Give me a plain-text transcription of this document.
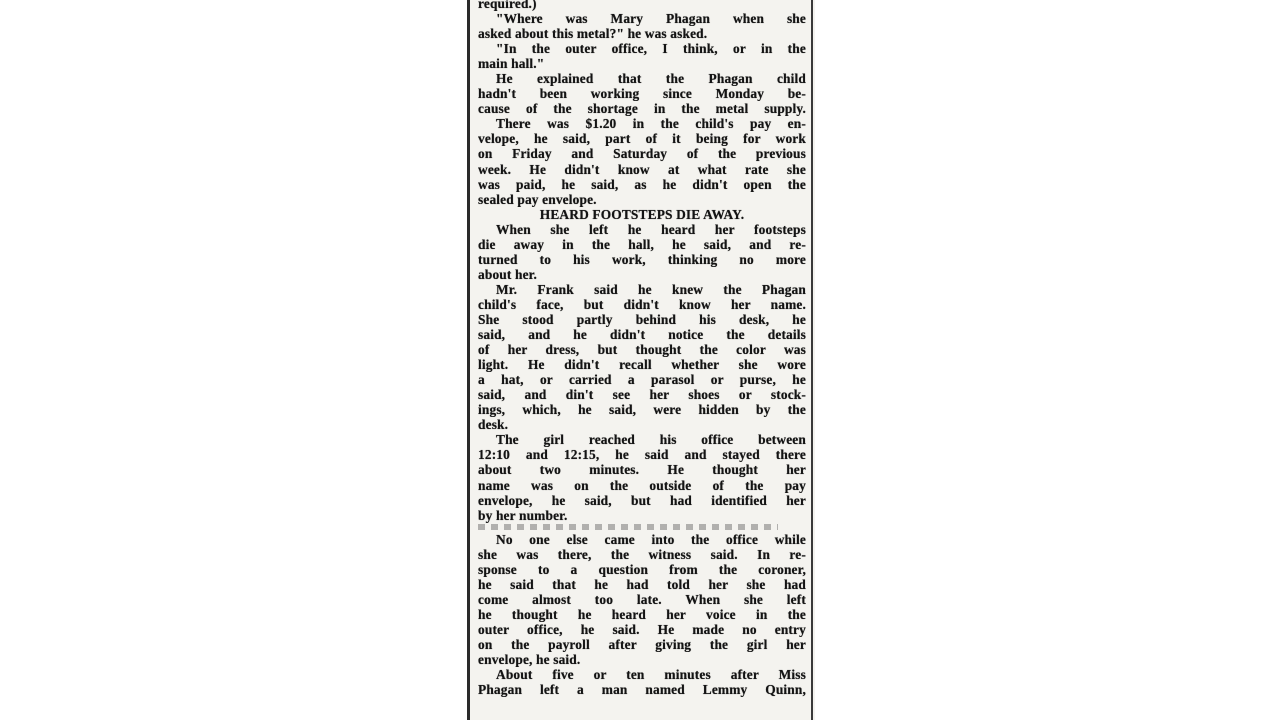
required.)
"Where was Mary Phagan when she
asked about this metal?" he was asked.
"In the outer office, I think, or in the
main hall."
He explained that the Phagan child
hadn't been working since Monday be-
cause of the shortage in the metal supply.
There was $1.20 in the child's pay en-
velope, he said, part of it being for work
on Friday and Saturday of the previous
week. He didn't know at what rate she
was paid, he said, as he didn't open the
sealed pay envelope.
HEARD FOOTSTEPS DIE AWAY.
When she left he heard her footsteps
die away in the hall, he said, and re-
turned to his work, thinking no more
about her.
Mr. Frank said he knew the Phagan
child's face, but didn't know her name.
She stood partly behind his desk, he
said, and he didn't notice the details
of her dress, but thought the color was
light. He didn't recall whether she wore
a hat, or carried a parasol or purse, he
said, and din't see her shoes or stock-
ings, which, he said, were hidden by the
desk.
The girl reached his office between
12:10 and 12:15, he said and stayed there
about two minutes. He thought her
name was on the outside of the pay
envelope, he said, but had identified her
by her number.
No one else came into the office while
she was there, the witness said. In re-
sponse to a question from the coroner,
he said that he had told her she had
come almost too late. When she left
he thought he heard her voice in the
outer office, he said. He made no entry
on the payroll after giving the girl her
envelope, he said.
About five or ten minutes after Miss
Phagan left a man named Lemmy Quinn,
